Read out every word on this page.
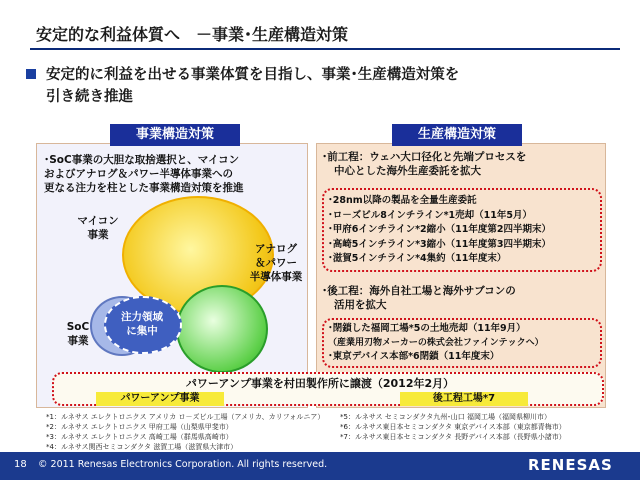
安定的な利益体質へ　－事業･生産構造対策
安定的に利益を出せる事業体質を目指し、事業･生産構造対策を
引き続き推進
事業構造対策	生産構造対策
･SoC事業の大胆な取捨選択と、マイコン
およびアナログ＆パワー半導体事業への
更なる注力を柱とした事業構造対策を推進
マイコン
事業
アナログ
＆パワー
半導体事業
SoC
事業
注力領域
に集中
･前工程：ウェハ大口径化と先端プロセスを
中心とした海外生産委託を拡大
･28nm以降の製品を全量生産委託
･ロ－ズビル8インチライン*1売却（11年5月）
･甲府6インチライン*2縮小（11年度第2四半期末）
･高崎5インチライン*3縮小（11年度第3四半期末）
･滋賀5インチライン*4集約（11年度末）
･後工程：海外自社工場と海外サブコンの
活用を拡大
･閉鎖した福岡工場*5の土地売却（11年9月）
（産業用刃物メーカーの株式会社ファインテックへ）
･東京デバイス本部*6閉鎖（11年度末）
パワーアンプ事業を村田製作所に譲渡（2012年2月）
パワーアンプ事業	後工程工場*7
*1：ルネサス エレクトロニクス アメリカ ロ－ズビル工場（アメリカ、カリフォルニア）
*2：ルネサス エレクトロニクス 甲府工場（山梨県甲斐市）
*3：ルネサス エレクトロニクス 高崎工場（群馬県高崎市）
*4：ルネサス関西セミコンダクタ 滋賀工場（滋賀県大津市）
*5：ルネサス セミコンダクタ九州･山口 福岡工場（福岡県柳川市）
*6：ルネサス東日本セミコンダクタ 東京デバイス本部（東京都青梅市）
*7：ルネサス東日本セミコンダクタ 長野デバイス本部（長野県小諸市）
18 © 2011 Renesas Electronics Corporation. All rights reserved.	RENESAS
